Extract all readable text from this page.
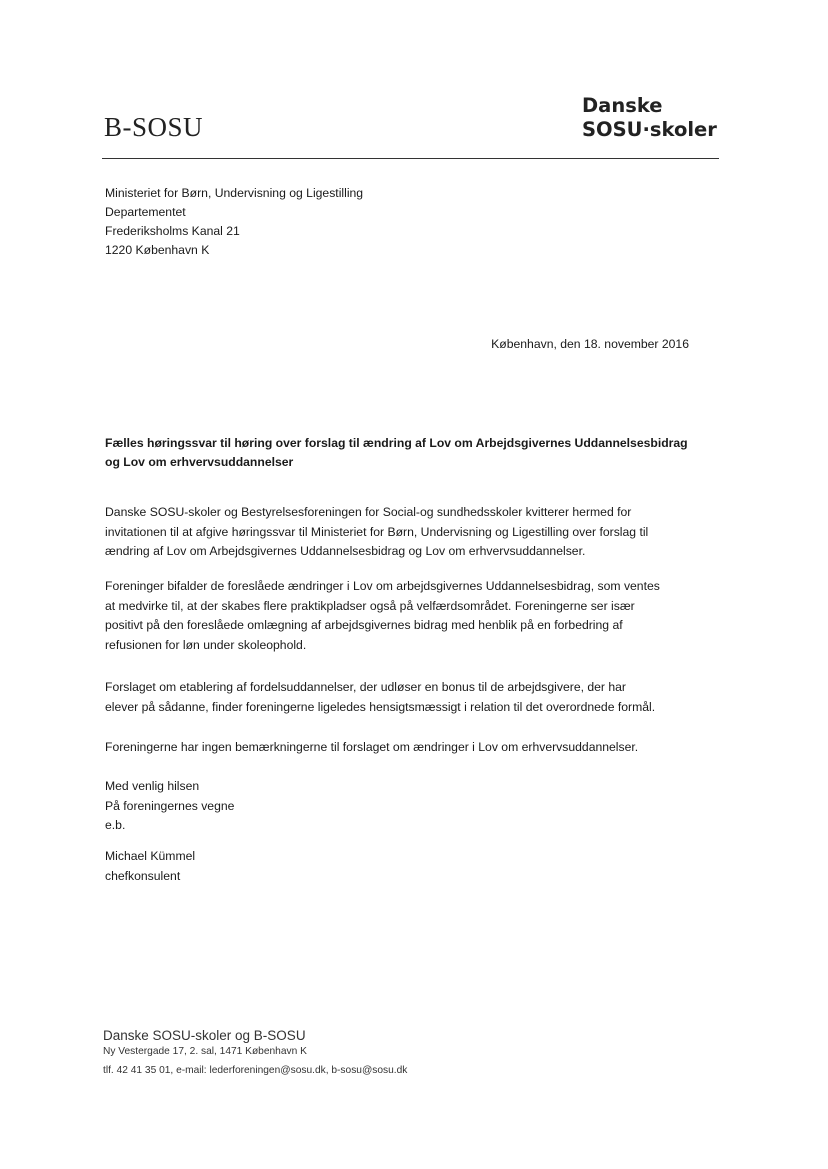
B-SOSU
Danske
SOSU·skoler
Ministeriet for Børn, Undervisning og Ligestilling
Departementet
Frederiksholms Kanal 21
1220 København K
København, den 18. november 2016
Fælles høringssvar til høring over forslag til ændring af Lov om Arbejdsgivernes Uddannelsesbidrag
og Lov om erhvervsuddannelser
Danske SOSU-skoler og Bestyrelsesforeningen for Social-og sundhedsskoler kvitterer hermed for
invitationen til at afgive høringssvar til Ministeriet for Børn, Undervisning og Ligestilling over forslag til
ændring af Lov om Arbejdsgivernes Uddannelsesbidrag og Lov om erhvervsuddannelser.
Foreninger bifalder de foreslåede ændringer i Lov om arbejdsgivernes Uddannelsesbidrag, som ventes
at medvirke til, at der skabes flere praktikpladser også på velfærdsområdet. Foreningerne ser især
positivt på den foreslåede omlægning af arbejdsgivernes bidrag med henblik på en forbedring af
refusionen for løn under skoleophold.
Forslaget om etablering af fordelsuddannelser, der udløser en bonus til de arbejdsgivere, der har
elever på sådanne, finder foreningerne ligeledes hensigtsmæssigt i relation til det overordnede formål.
Foreningerne har ingen bemærkningerne til forslaget om ændringer i Lov om erhvervsuddannelser.
Med venlig hilsen
På foreningernes vegne
e.b.
Michael Kümmel
chefkonsulent
Danske SOSU-skoler og B-SOSU
Ny Vestergade 17, 2. sal, 1471 København K
tlf. 42 41 35 01, e-mail: lederforeningen@sosu.dk, b-sosu@sosu.dk
